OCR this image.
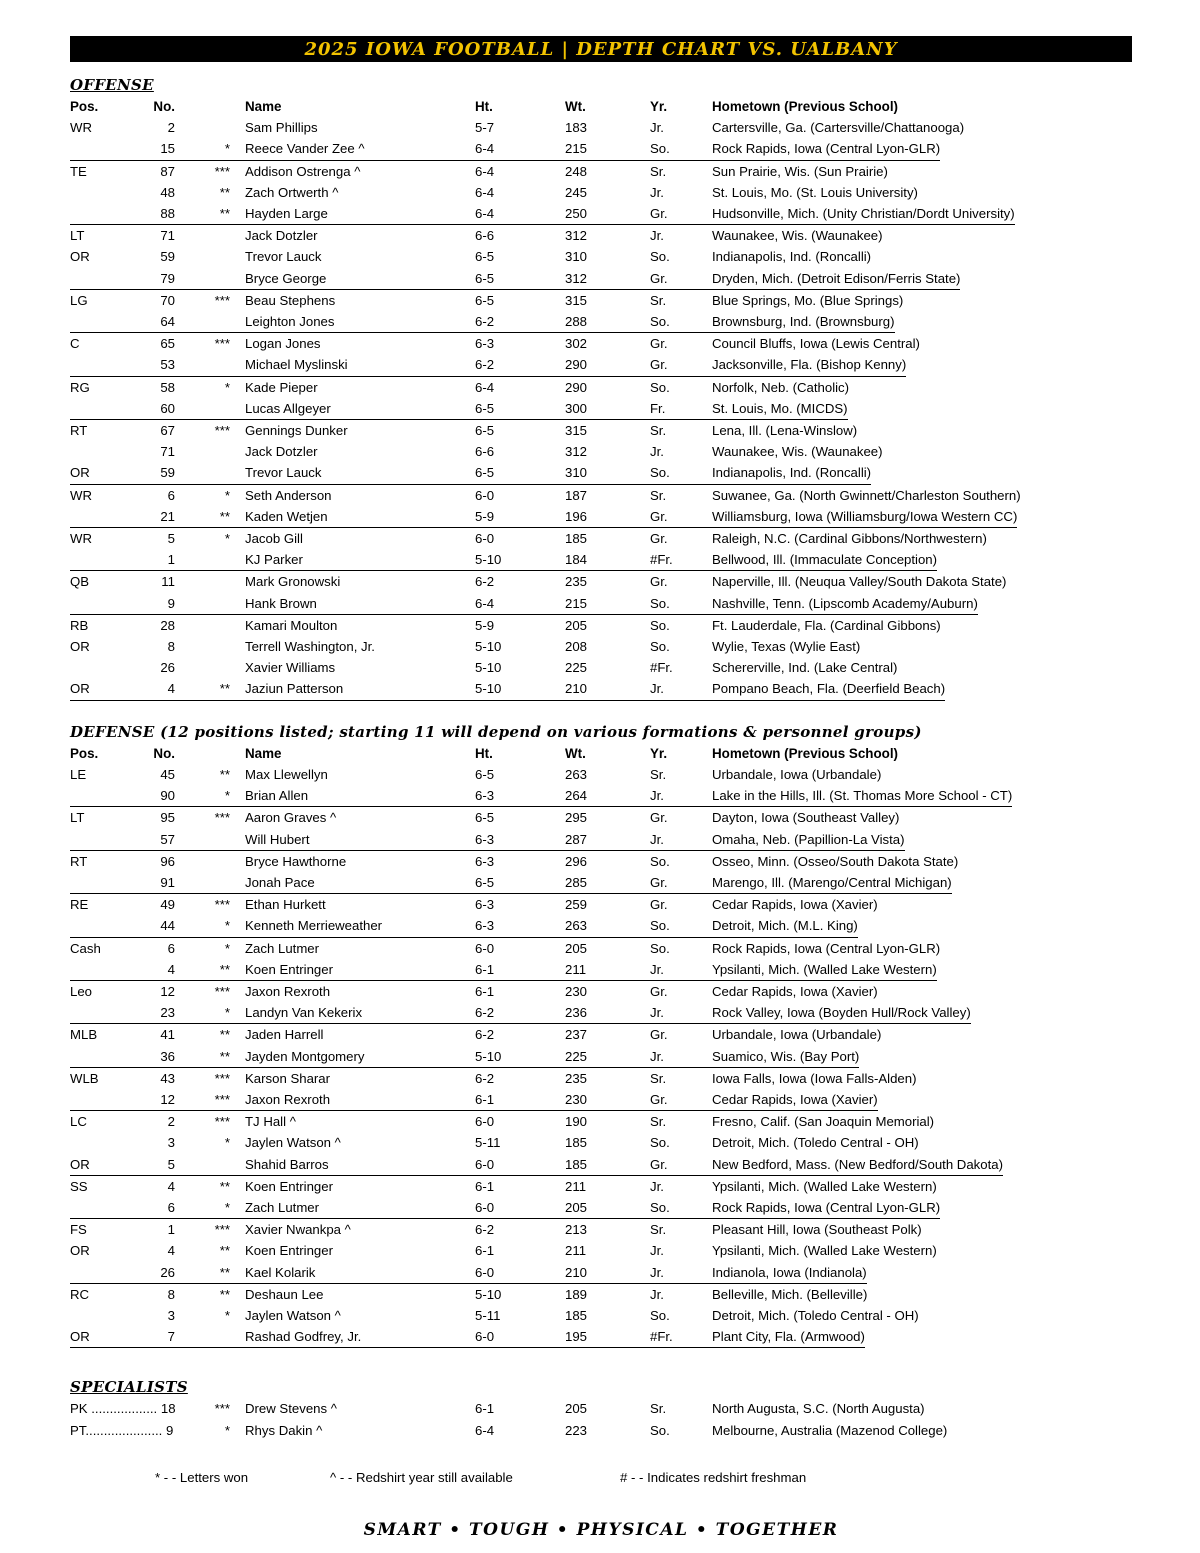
2025 IOWA FOOTBALL | DEPTH CHART VS. UALBANY
OFFENSE
Pos.	No.	Name	Ht.	Wt.	Yr.	Hometown (Previous School)
WR	2	Sam Phillips	5-7	183	Jr.	Cartersville, Ga. (Cartersville/Chattanooga)
15	*	Reece Vander Zee ^	6-4	215	So.	Rock Rapids, Iowa (Central Lyon-GLR)
TE	87	***	Addison Ostrenga ^	6-4	248	Sr.	Sun Prairie, Wis. (Sun Prairie)
48	**	Zach Ortwerth ^	6-4	245	Jr.	St. Louis, Mo. (St. Louis University)
88	**	Hayden Large	6-4	250	Gr.	Hudsonville, Mich. (Unity Christian/Dordt University)
LT	71	Jack Dotzler	6-6	312	Jr.	Waunakee, Wis. (Waunakee)
OR	59	Trevor Lauck	6-5	310	So.	Indianapolis, Ind. (Roncalli)
79	Bryce George	6-5	312	Gr.	Dryden, Mich. (Detroit Edison/Ferris State)
LG	70	***	Beau Stephens	6-5	315	Sr.	Blue Springs, Mo. (Blue Springs)
64	Leighton Jones	6-2	288	So.	Brownsburg, Ind. (Brownsburg)
C	65	***	Logan Jones	6-3	302	Gr.	Council Bluffs, Iowa (Lewis Central)
53	Michael Myslinski	6-2	290	Gr.	Jacksonville, Fla. (Bishop Kenny)
RG	58	*	Kade Pieper	6-4	290	So.	Norfolk, Neb. (Catholic)
60	Lucas Allgeyer	6-5	300	Fr.	St. Louis, Mo. (MICDS)
RT	67	***	Gennings Dunker	6-5	315	Sr.	Lena, Ill. (Lena-Winslow)
71	Jack Dotzler	6-6	312	Jr.	Waunakee, Wis. (Waunakee)
OR	59	Trevor Lauck	6-5	310	So.	Indianapolis, Ind. (Roncalli)
WR	6	*	Seth Anderson	6-0	187	Sr.	Suwanee, Ga. (North Gwinnett/Charleston Southern)
21	**	Kaden Wetjen	5-9	196	Gr.	Williamsburg, Iowa (Williamsburg/Iowa Western CC)
WR	5	*	Jacob Gill	6-0	185	Gr.	Raleigh, N.C. (Cardinal Gibbons/Northwestern)
1	KJ Parker	5-10	184	#Fr.	Bellwood, Ill. (Immaculate Conception)
QB	11	Mark Gronowski	6-2	235	Gr.	Naperville, Ill. (Neuqua Valley/South Dakota State)
9	Hank Brown	6-4	215	So.	Nashville, Tenn. (Lipscomb Academy/Auburn)
RB	28	Kamari Moulton	5-9	205	So.	Ft. Lauderdale, Fla. (Cardinal Gibbons)
OR	8	Terrell Washington, Jr.	5-10	208	So.	Wylie, Texas (Wylie East)
26	Xavier Williams	5-10	225	#Fr.	Schererville, Ind. (Lake Central)
OR	4	**	Jaziun Patterson	5-10	210	Jr.	Pompano Beach, Fla. (Deerfield Beach)
DEFENSE (12 positions listed; starting 11 will depend on various formations & personnel groups)
Pos.	No.	Name	Ht.	Wt.	Yr.	Hometown (Previous School)
LE	45	**	Max Llewellyn	6-5	263	Sr.	Urbandale, Iowa (Urbandale)
90	*	Brian Allen	6-3	264	Jr.	Lake in the Hills, Ill. (St. Thomas More School - CT)
LT	95	***	Aaron Graves ^	6-5	295	Gr.	Dayton, Iowa (Southeast Valley)
57	Will Hubert	6-3	287	Jr.	Omaha, Neb. (Papillion-La Vista)
RT	96	Bryce Hawthorne	6-3	296	So.	Osseo, Minn. (Osseo/South Dakota State)
91	Jonah Pace	6-5	285	Gr.	Marengo, Ill. (Marengo/Central Michigan)
RE	49	***	Ethan Hurkett	6-3	259	Gr.	Cedar Rapids, Iowa (Xavier)
44	*	Kenneth Merrieweather	6-3	263	So.	Detroit, Mich. (M.L. King)
Cash	6	*	Zach Lutmer	6-0	205	So.	Rock Rapids, Iowa (Central Lyon-GLR)
4	**	Koen Entringer	6-1	211	Jr.	Ypsilanti, Mich. (Walled Lake Western)
Leo	12	***	Jaxon Rexroth	6-1	230	Gr.	Cedar Rapids, Iowa (Xavier)
23	*	Landyn Van Kekerix	6-2	236	Jr.	Rock Valley, Iowa (Boyden Hull/Rock Valley)
MLB	41	**	Jaden Harrell	6-2	237	Gr.	Urbandale, Iowa (Urbandale)
36	**	Jayden Montgomery	5-10	225	Jr.	Suamico, Wis. (Bay Port)
WLB	43	***	Karson Sharar	6-2	235	Sr.	Iowa Falls, Iowa (Iowa Falls-Alden)
12	***	Jaxon Rexroth	6-1	230	Gr.	Cedar Rapids, Iowa (Xavier)
LC	2	***	TJ Hall ^	6-0	190	Sr.	Fresno, Calif. (San Joaquin Memorial)
3	*	Jaylen Watson ^	5-11	185	So.	Detroit, Mich. (Toledo Central - OH)
OR	5	Shahid Barros	6-0	185	Gr.	New Bedford, Mass. (New Bedford/South Dakota)
SS	4	**	Koen Entringer	6-1	211	Jr.	Ypsilanti, Mich. (Walled Lake Western)
6	*	Zach Lutmer	6-0	205	So.	Rock Rapids, Iowa (Central Lyon-GLR)
FS	1	***	Xavier Nwankpa ^	6-2	213	Sr.	Pleasant Hill, Iowa (Southeast Polk)
OR	4	**	Koen Entringer	6-1	211	Jr.	Ypsilanti, Mich. (Walled Lake Western)
26	**	Kael Kolarik	6-0	210	Jr.	Indianola, Iowa (Indianola)
RC	8	**	Deshaun Lee	5-10	189	Jr.	Belleville, Mich. (Belleville)
3	*	Jaylen Watson ^	5-11	185	So.	Detroit, Mich. (Toledo Central - OH)
OR	7	Rashad Godfrey, Jr.	6-0	195	#Fr.	Plant City, Fla. (Armwood)
SPECIALISTS
PK .................. 18	***	Drew Stevens ^	6-1	205	Sr.	North Augusta, S.C. (North Augusta)
PT..................... 9	*	Rhys Dakin ^	6-4	223	So.	Melbourne, Australia (Mazenod College)
* - - Letters won	^ - - Redshirt year still available	# - - Indicates redshirt freshman
SMART • TOUGH • PHYSICAL • TOGETHER
